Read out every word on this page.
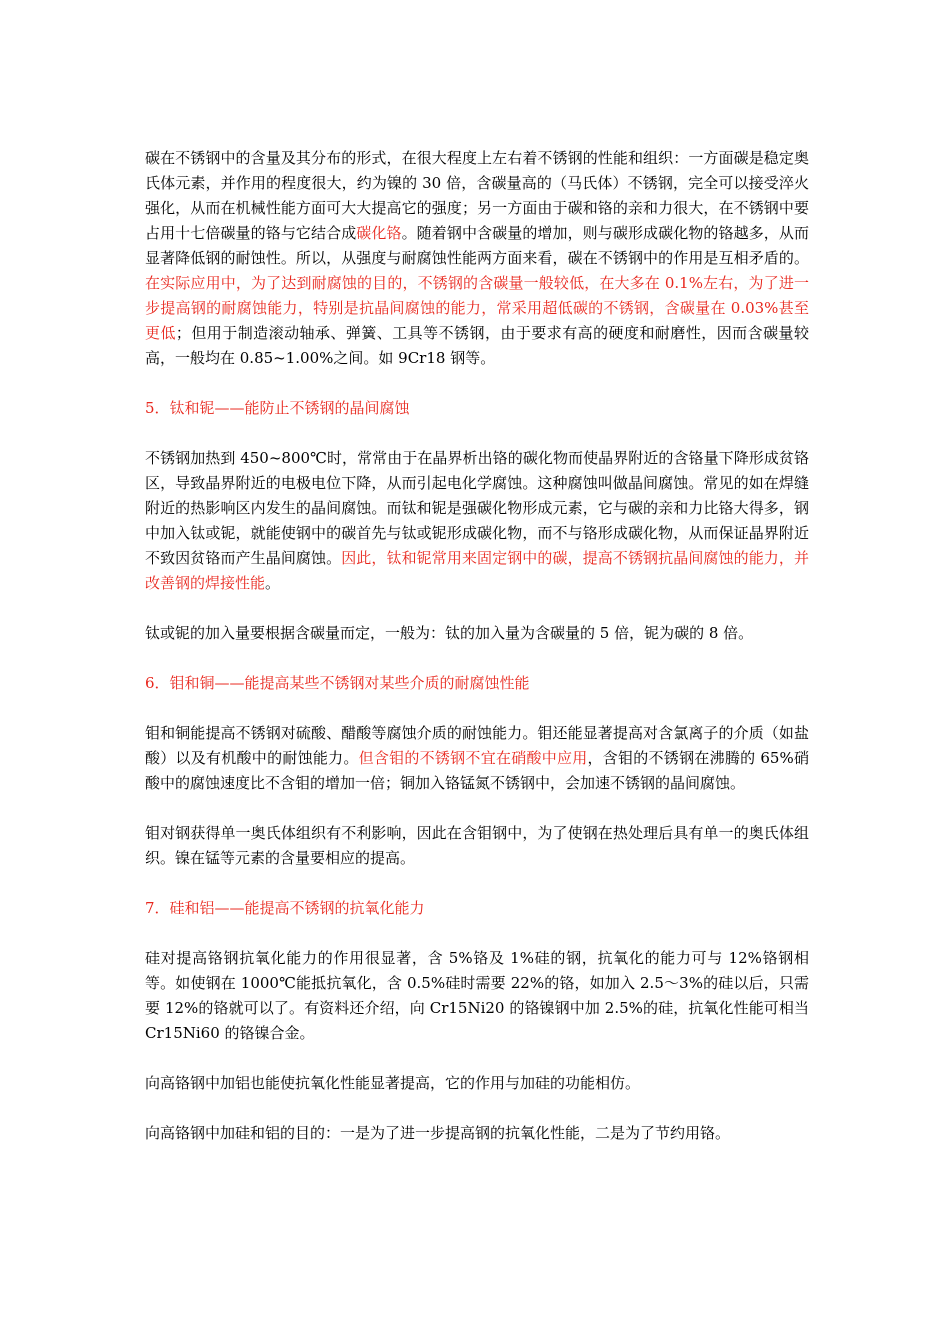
碳在不锈钢中的含量及其分布的形式，在很大程度上左右着不锈钢的性能和组织：一方面碳是稳定奥氏体元素，并作用的程度很大，约为镍的 30 倍，含碳量高的（马氏体）不锈钢，完全可以接受淬火强化，从而在机械性能方面可大大提高它的强度；另一方面由于碳和铬的亲和力很大，在不锈钢中要占用十七倍碳量的铬与它结合成碳化铬。随着钢中含碳量的增加，则与碳形成碳化物的铬越多，从而显著降低钢的耐蚀性。所以，从强度与耐腐蚀性能两方面来看，碳在不锈钢中的作用是互相矛盾的。在实际应用中，为了达到耐腐蚀的目的，不锈钢的含碳量一般较低，在大多在 0.1%左右，为了进一步提高钢的耐腐蚀能力，特别是抗晶间腐蚀的能力，常采用超低碳的不锈钢，含碳量在 0.03%甚至更低；但用于制造滚动轴承、弹簧、工具等不锈钢，由于要求有高的硬度和耐磨性，因而含碳量较高，一般均在 0.85~1.00%之间。如 9Cr18 钢等。

5．钛和铌——能防止不锈钢的晶间腐蚀

不锈钢加热到 450~800℃时，常常由于在晶界析出铬的碳化物而使晶界附近的含铬量下降形成贫铬区，导致晶界附近的电极电位下降，从而引起电化学腐蚀。这种腐蚀叫做晶间腐蚀。常见的如在焊缝附近的热影响区内发生的晶间腐蚀。而钛和铌是强碳化物形成元素，它与碳的亲和力比铬大得多，钢中加入钛或铌，就能使钢中的碳首先与钛或铌形成碳化物，而不与铬形成碳化物，从而保证晶界附近不致因贫铬而产生晶间腐蚀。因此，钛和铌常用来固定钢中的碳，提高不锈钢抗晶间腐蚀的能力，并改善钢的焊接性能。

钛或铌的加入量要根据含碳量而定，一般为：钛的加入量为含碳量的 5 倍，铌为碳的 8 倍。

6．钼和铜——能提高某些不锈钢对某些介质的耐腐蚀性能

钼和铜能提高不锈钢对硫酸、醋酸等腐蚀介质的耐蚀能力。钼还能显著提高对含氯离子的介质（如盐酸）以及有机酸中的耐蚀能力。但含钼的不锈钢不宜在硝酸中应用，含钼的不锈钢在沸腾的 65%硝酸中的腐蚀速度比不含钼的增加一倍；铜加入铬锰氮不锈钢中，会加速不锈钢的晶间腐蚀。

钼对钢获得单一奥氏体组织有不利影响，因此在含钼钢中，为了使钢在热处理后具有单一的奥氏体组织。镍在锰等元素的含量要相应的提高。

7．硅和铝——能提高不锈钢的抗氧化能力

硅对提高铬钢抗氧化能力的作用很显著，含 5%铬及 1%硅的钢，抗氧化的能力可与 12%铬钢相等。如使钢在 1000℃能抵抗氧化，含 0.5%硅时需要 22%的铬，如加入 2.5～3%的硅以后，只需要 12%的铬就可以了。有资料还介绍，向 Cr15Ni20 的铬镍钢中加 2.5%的硅，抗氧化性能可相当 Cr15Ni60 的铬镍合金。

向高铬钢中加铝也能使抗氧化性能显著提高，它的作用与加硅的功能相仿。

向高铬钢中加硅和铝的目的：一是为了进一步提高钢的抗氧化性能，二是为了节约用铬。
